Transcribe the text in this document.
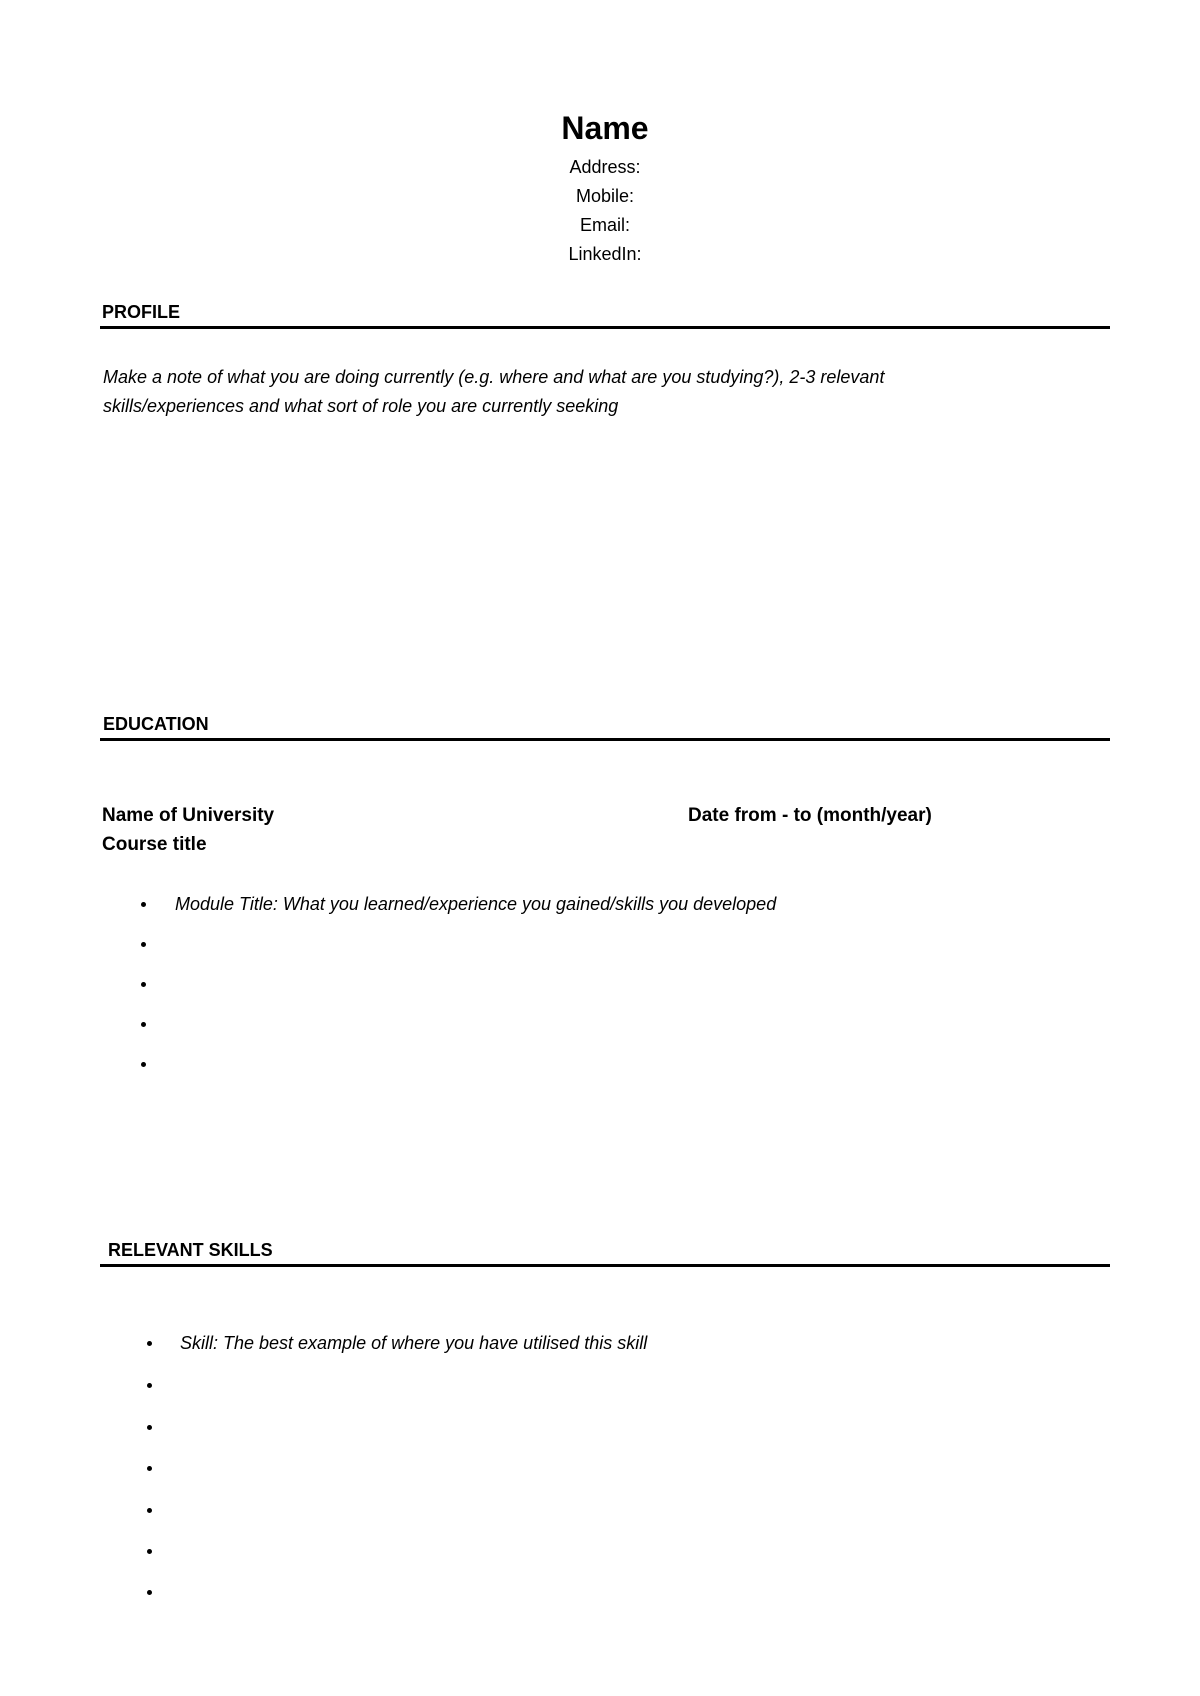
Name
Address:
Mobile:
Email:
LinkedIn:
PROFILE
Make a note of what you are doing currently (e.g. where and what are you studying?), 2-3 relevant skills/experiences and what sort of role you are currently seeking
EDUCATION
Name of University	Date from - to (month/year)
Course title
Module Title: What you learned/experience you gained/skills you developed
RELEVANT SKILLS
Skill: The best example of where you have utilised this skill
